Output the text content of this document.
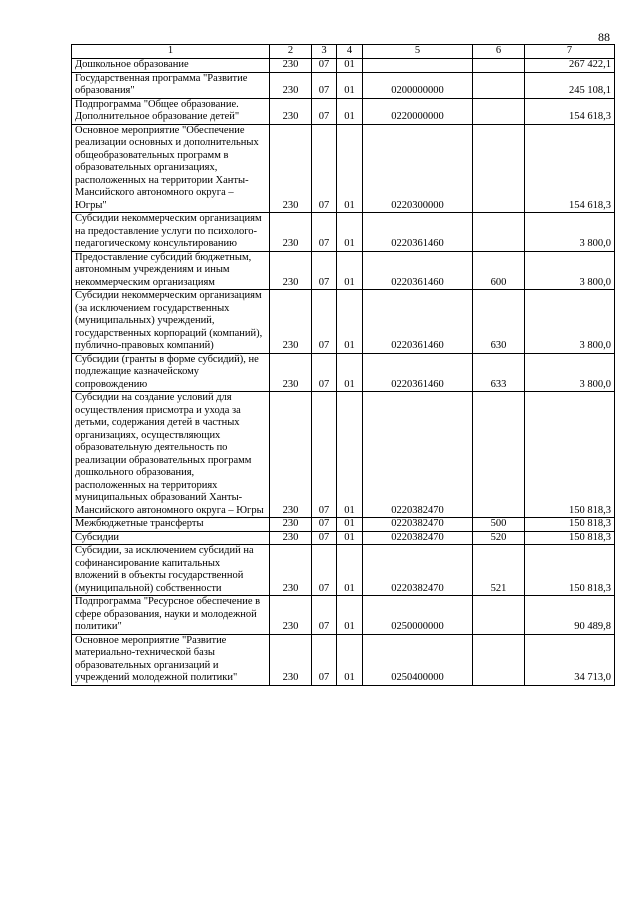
88
1	2	3	4	5	6	7
Дошкольное образование	230	07	01			267 422,1
Государственная программа "Развитие образования"	230	07	01	0200000000		245 108,1
Подпрограмма "Общее образование. Дополнительное образование детей"	230	07	01	0220000000		154 618,3
Основное мероприятие "Обеспечение реализации основных и дополнительных общеобразовательных программ в образовательных организациях, расположенных на территории Ханты-Мансийского автономного округа – Югры"	230	07	01	0220300000		154 618,3
Субсидии некоммерческим организациям на предоставление услуги по психолого-педагогическому консультированию	230	07	01	0220361460		3 800,0
Предоставление субсидий бюджетным, автономным учреждениям и иным некоммерческим организациям	230	07	01	0220361460	600	3 800,0
Субсидии некоммерческим организациям (за исключением государственных (муниципальных) учреждений, государственных корпораций (компаний), публично-правовых компаний)	230	07	01	0220361460	630	3 800,0
Субсидии (гранты в форме субсидий), не подлежащие казначейскому сопровождению	230	07	01	0220361460	633	3 800,0
Субсидии на создание условий для осуществления присмотра и ухода за детьми, содержания детей в частных организациях, осуществляющих образовательную деятельность по реализации образовательных программ дошкольного образования, расположенных на территориях муниципальных образований Ханты-Мансийского автономного округа – Югры	230	07	01	0220382470		150 818,3
Межбюджетные трансферты	230	07	01	0220382470	500	150 818,3
Субсидии	230	07	01	0220382470	520	150 818,3
Субсидии, за исключением субсидий на софинансирование капитальных вложений в объекты государственной (муниципальной) собственности	230	07	01	0220382470	521	150 818,3
Подпрограмма "Ресурсное обеспечение в сфере образования, науки и молодежной политики"	230	07	01	0250000000		90 489,8
Основное мероприятие "Развитие материально-технической базы образовательных организаций и учреждений молодежной политики"	230	07	01	0250400000		34 713,0
